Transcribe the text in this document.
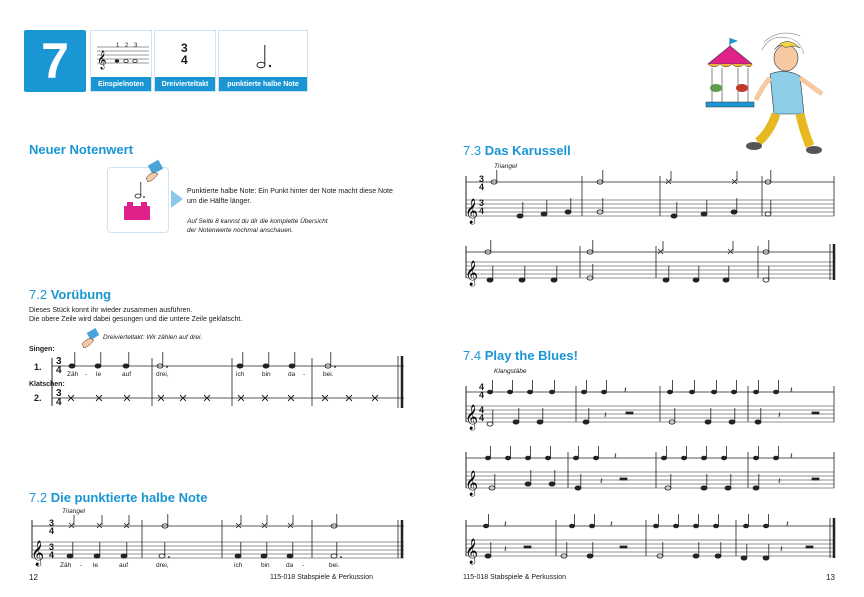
7	𝄞
1 2 3
Einspielnoten
3
4
Dreivierteltakt	punktierte halbe Note
Neuer Notenwert
Punktierte halbe Note: Ein Punkt hinter der Note macht diese Note um die Hälfte länger.
Auf Seite 8 kannst du dir die komplette Übersicht der Notenwerte nochmal anschauen.
7.2 Vorübung
Dieses Stück konnt ihr wieder zusammen ausführen.
Die obere Zeile wird dabei gesungen und die untere Zeile geklatscht.
Dreivierteltakt: Wir zählen auf drei.
Singen:
Klatschen:
1.
2.
3
4
3
4
Zäh - le	auf	drei,	ich	bin	da -	bei.
7.2 Die punktierte halbe Note
Triangel
𝄞
3
4
3
4
Zäh - le	auf	drei,	ich	bin	da -	bei.
12	115-018 Stabspiele & Perkussion
7.3 Das Karussell
Triangel
𝄞
𝄞
3
4
3
4
7.4 Play the Blues!
Klangstäbe
𝄞	𝄽
𝄽	𝄽
𝄽
𝄞	𝄽
𝄽	𝄽
𝄽
𝄞
𝄽
𝄽
𝄽
𝄽
𝄽
4
4
4
4
115-018 Stabspiele & Perkussion	13
